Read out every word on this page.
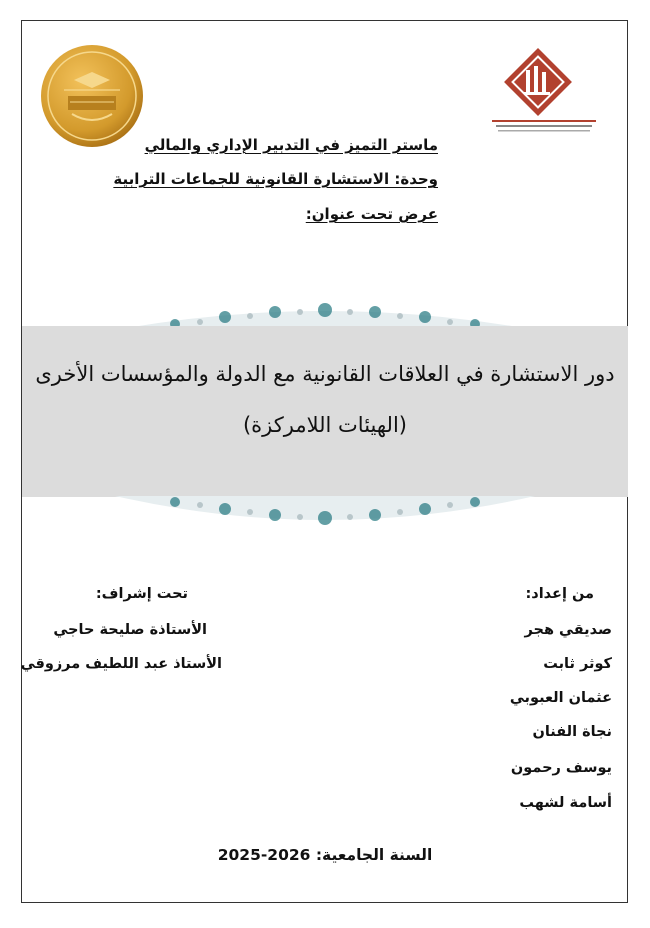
ماستر التميز في التدبير الإداري والمالي
وحدة: الاستشارة القانونية للجماعات الترابية
عرض تحت عنوان:
دور الاستشارة في العلاقات القانونية مع الدولة والمؤسسات الأخرى
(الهيئات اللامركزة)
من إعداد:
صديقي هجر
كوثر ثابت
عثمان العبوبي
نجاة الفنان
يوسف رحمون
أسامة لشهب
تحت إشراف:
الأستاذة صليحة حاجي
الأستاذ عبد اللطيف مرزوقي
السنة الجامعية: 2025-2026
